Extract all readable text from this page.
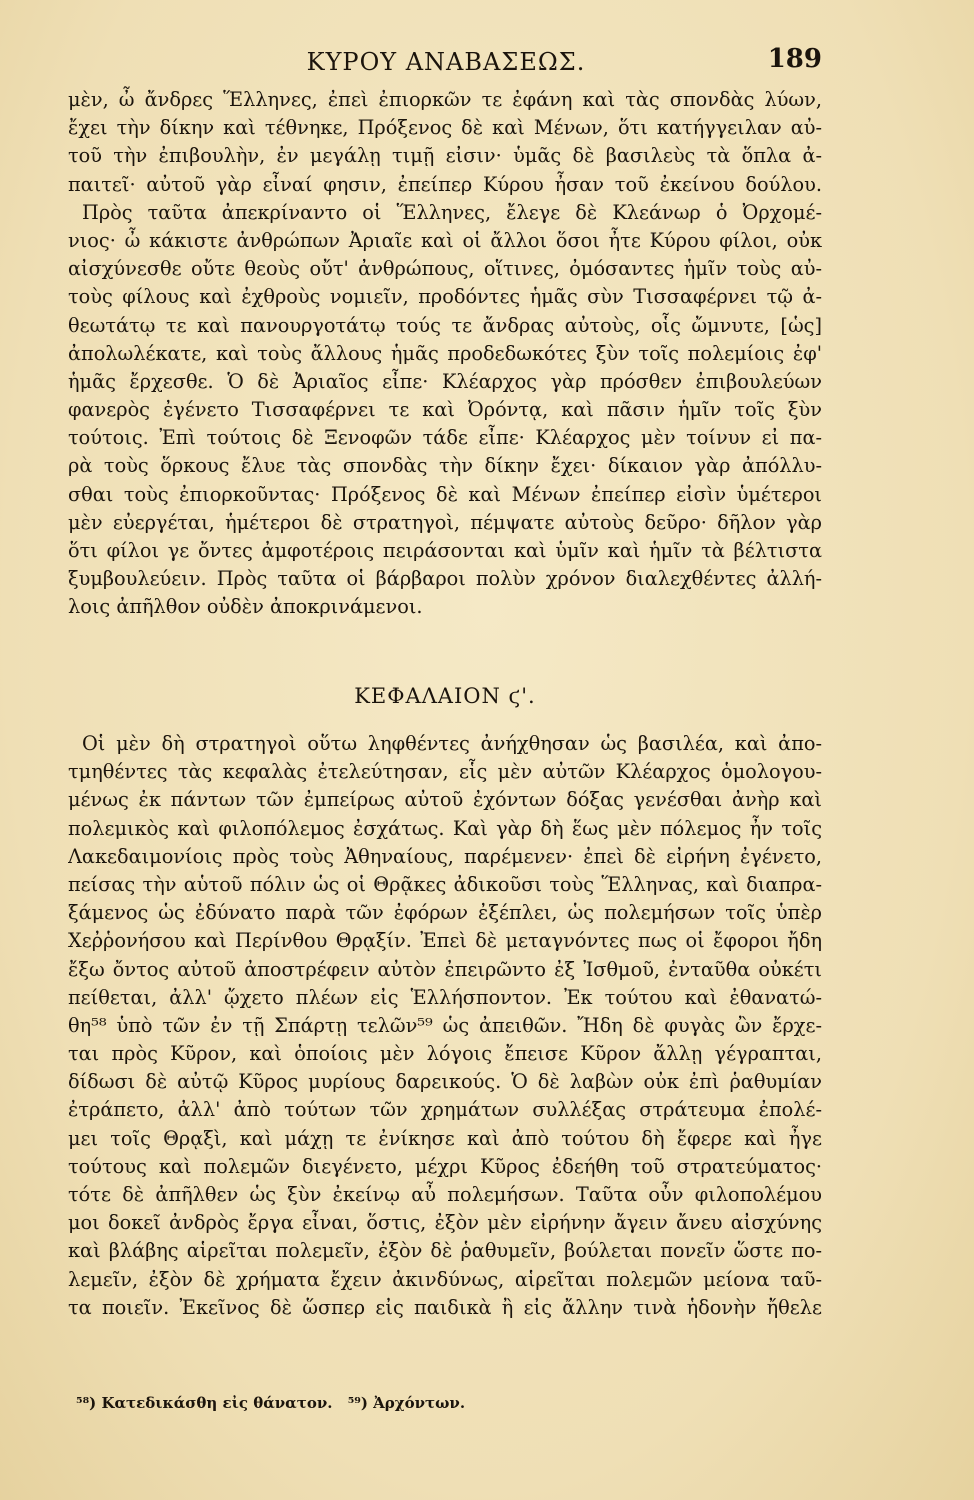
ΚΥΡΟΥ ΑΝΑΒΑΣΕΩΣ.	189
μὲν, ὦ ἄνδρες Ἕλληνες, ἐπεὶ ἐπιορκῶν τε ἐφάνη καὶ τὰς σπονδὰς λύων,
ἔχει τὴν δίκην καὶ τέθνηκε, Πρόξενος δὲ καὶ Μένων, ὅτι κατήγγειλαν αὐ-
τοῦ τὴν ἐπιβουλὴν, ἐν μεγάλῃ τιμῇ εἰσιν· ὑμᾶς δὲ βασιλεὺς τὰ ὅπλα ἀ-
παιτεῖ· αὐτοῦ γὰρ εἶναί φησιν, ἐπείπερ Κύρου ἦσαν τοῦ ἐκείνου δούλου.
Πρὸς ταῦτα ἀπεκρίναντο οἱ Ἕλληνες, ἔλεγε δὲ Κλεάνωρ ὁ Ὀρχομέ-
νιος· ὦ κάκιστε ἀνθρώπων Ἀριαῖε καὶ οἱ ἄλλοι ὅσοι ἦτε Κύρου φίλοι, οὐκ
αἰσχύνεσθε οὔτε θεοὺς οὔτ' ἀνθρώπους, οἵτινες, ὀμόσαντες ἡμῖν τοὺς αὐ-
τοὺς φίλους καὶ ἐχθροὺς νομιεῖν, προδόντες ἡμᾶς σὺν Τισσαφέρνει τῷ ἀ-
θεωτάτῳ τε καὶ πανουργοτάτῳ τούς τε ἄνδρας αὐτοὺς, οἷς ὤμνυτε, [ὡς]
ἀπολωλέκατε, καὶ τοὺς ἄλλους ἡμᾶς προδεδωκότες ξὺν τοῖς πολεμίοις ἐφ'
ἡμᾶς ἔρχεσθε. Ὁ δὲ Ἀριαῖος εἶπε· Κλέαρχος γὰρ πρόσθεν ἐπιβουλεύων
φανερὸς ἐγένετο Τισσαφέρνει τε καὶ Ὀρόντᾳ, καὶ πᾶσιν ἡμῖν τοῖς ξὺν
τούτοις. Ἐπὶ τούτοις δὲ Ξενοφῶν τάδε εἶπε· Κλέαρχος μὲν τοίνυν εἰ πα-
ρὰ τοὺς ὅρκους ἔλυε τὰς σπονδὰς τὴν δίκην ἔχει· δίκαιον γὰρ ἀπόλλυ-
σθαι τοὺς ἐπιορκοῦντας· Πρόξενος δὲ καὶ Μένων ἐπείπερ εἰσὶν ὑμέτεροι
μὲν εὐεργέται, ἡμέτεροι δὲ στρατηγοὶ, πέμψατε αὐτοὺς δεῦρο· δῆλον γὰρ
ὅτι φίλοι γε ὄντες ἀμφοτέροις πειράσονται καὶ ὑμῖν καὶ ἡμῖν τὰ βέλτιστα
ξυμβουλεύειν. Πρὸς ταῦτα οἱ βάρβαροι πολὺν χρόνον διαλεχθέντες ἀλλή-
λοις ἀπῆλθον οὐδὲν ἀποκρινάμενοι.
ΚΕΦΑΛΑΙΟΝ ϛ'.
Οἱ μὲν δὴ στρατηγοὶ οὕτω ληφθέντες ἀνήχθησαν ὡς βασιλέα, καὶ ἀπο-
τμηθέντες τὰς κεφαλὰς ἐτελεύτησαν, εἷς μὲν αὐτῶν Κλέαρχος ὁμολογου-
μένως ἐκ πάντων τῶν ἐμπείρως αὐτοῦ ἐχόντων δόξας γενέσθαι ἀνὴρ καὶ
πολεμικὸς καὶ φιλοπόλεμος ἐσχάτως. Καὶ γὰρ δὴ ἕως μὲν πόλεμος ἦν τοῖς
Λακεδαιμονίοις πρὸς τοὺς Ἀθηναίους, παρέμενεν· ἐπεὶ δὲ εἰρήνη ἐγένετο,
πείσας τὴν αὑτοῦ πόλιν ὡς οἱ Θρᾷκες ἀδικοῦσι τοὺς Ἕλληνας, καὶ διαπρα-
ξάμενος ὡς ἐδύνατο παρὰ τῶν ἐφόρων ἐξέπλει, ὡς πολεμήσων τοῖς ὑπὲρ
Χεῤῥονήσου καὶ Περίνθου Θρᾳξίν. Ἐπεὶ δὲ μεταγνόντες πως οἱ ἔφοροι ἤδη
ἔξω ὄντος αὐτοῦ ἀποστρέφειν αὐτὸν ἐπειρῶντο ἐξ Ἰσθμοῦ, ἐνταῦθα οὐκέτι
πείθεται, ἀλλ' ᾤχετο πλέων εἰς Ἑλλήσποντον. Ἐκ τούτου καὶ ἐθανατώ-
θη⁵⁸ ὑπὸ τῶν ἐν τῇ Σπάρτῃ τελῶν⁵⁹ ὡς ἀπειθῶν. Ἤδη δὲ φυγὰς ὢν ἔρχε-
ται πρὸς Κῦρον, καὶ ὁποίοις μὲν λόγοις ἔπεισε Κῦρον ἄλλῃ γέγραπται,
δίδωσι δὲ αὐτῷ Κῦρος μυρίους δαρεικούς. Ὁ δὲ λαβὼν οὐκ ἐπὶ ῥαθυμίαν
ἐτράπετο, ἀλλ' ἀπὸ τούτων τῶν χρημάτων συλλέξας στράτευμα ἐπολέ-
μει τοῖς Θρᾳξὶ, καὶ μάχῃ τε ἐνίκησε καὶ ἀπὸ τούτου δὴ ἔφερε καὶ ἦγε
τούτους καὶ πολεμῶν διεγένετο, μέχρι Κῦρος ἐδεήθη τοῦ στρατεύματος·
τότε δὲ ἀπῆλθεν ὡς ξὺν ἐκείνῳ αὖ πολεμήσων. Ταῦτα οὖν φιλοπολέμου
μοι δοκεῖ ἀνδρὸς ἔργα εἶναι, ὅστις, ἐξὸν μὲν εἰρήνην ἄγειν ἄνευ αἰσχύνης
καὶ βλάβης αἱρεῖται πολεμεῖν, ἐξὸν δὲ ῥαθυμεῖν, βούλεται πονεῖν ὥστε πο-
λεμεῖν, ἐξὸν δὲ χρήματα ἔχειν ἀκινδύνως, αἱρεῖται πολεμῶν μείονα ταῦ-
τα ποιεῖν. Ἐκεῖνος δὲ ὥσπερ εἰς παιδικὰ ἢ εἰς ἄλλην τινὰ ἡδονὴν ἤθελε
⁵⁸) Κατεδικάσθη εἰς θάνατον. ⁵⁹) Ἀρχόντων.
